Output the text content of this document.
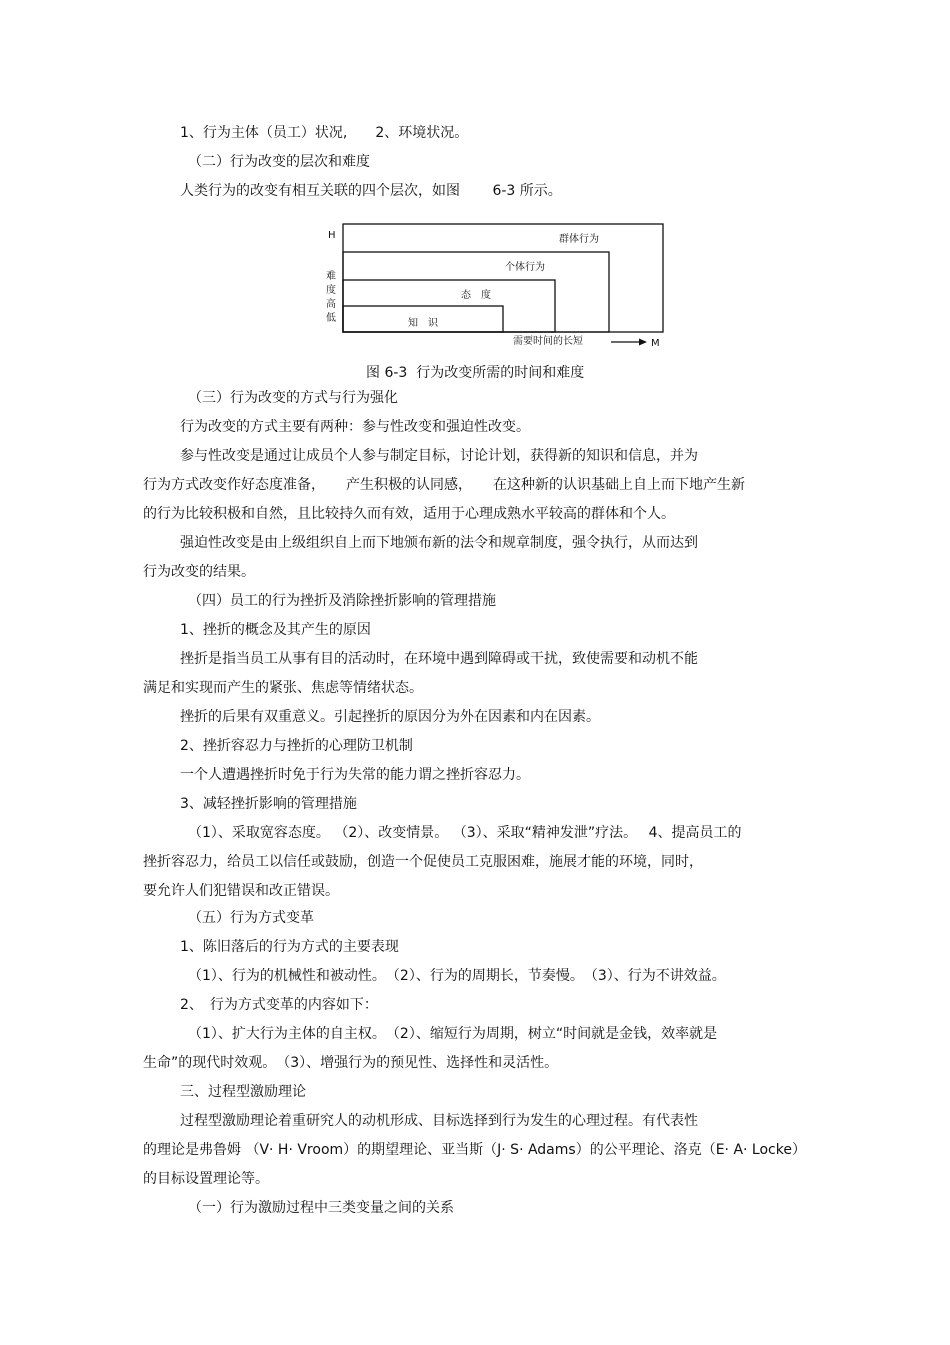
1、行为主体（员工）状况,　　2、环境状况。
（二）行为改变的层次和难度
人类行为的改变有相互关联的四个层次，如图　　 6-3 所示。
H
难
度
高
低
群体行为
个体行为
态　度
知　识
需要时间的长短	M
图 6-3  行为改变所需的时间和难度
（三）行为改变的方式与行为强化
行为改变的方式主要有两种：参与性改变和强迫性改变。
参与性改变是通过让成员个人参与制定目标，讨论计划，获得新的知识和信息，并为
行为方式改变作好态度准备，　　产生积极的认同感，　　在这种新的认识基础上自上而下地产生新
的行为比较积极和自然，且比较持久而有效，适用于心理成熟水平较高的群体和个人。
强迫性改变是由上级组织自上而下地颁布新的法令和规章制度，强令执行，从而达到
行为改变的结果。
（四）员工的行为挫折及消除挫折影响的管理措施
1、挫折的概念及其产生的原因
挫折是指当员工从事有目的活动时，在环境中遇到障碍或干扰，致使需要和动机不能
满足和实现而产生的紧张、焦虑等情绪状态。
挫折的后果有双重意义。引起挫折的原因分为外在因素和内在因素。
2、挫折容忍力与挫折的心理防卫机制
一个人遭遇挫折时免于行为失常的能力谓之挫折容忍力。
3、减轻挫折影响的管理措施
（1）、采取宽容态度。 （2）、改变情景。 （3）、采取“精神发泄”疗法。　 4、提高员工的
挫折容忍力，给员工以信任或鼓励，创造一个促使员工克服困难，施展才能的环境，同时，
要允许人们犯错误和改正错误。
（五）行为方式变革
1、陈旧落后的行为方式的主要表现
（1）、行为的机械性和被动性。　（2）、行为的周期长，节奏慢。　（3）、行为不讲效益。
2、　行为方式变革的内容如下：
（1）、扩大行为主体的自主权。　（2）、缩短行为周期，树立“时间就是金钱，效率就是
生命”的现代时效观。　（3）、增强行为的预见性、选择性和灵活性。
三、过程型激励理论
过程型激励理论着重研究人的动机形成、目标选择到行为发生的心理过程。有代表性
的理论是弗鲁姆 （V· H· Vroom）的期望理论、亚当斯（J· S· Adams）的公平理论、洛克（E· A· Locke）
的目标设置理论等。
（一）行为激励过程中三类变量之间的关系
